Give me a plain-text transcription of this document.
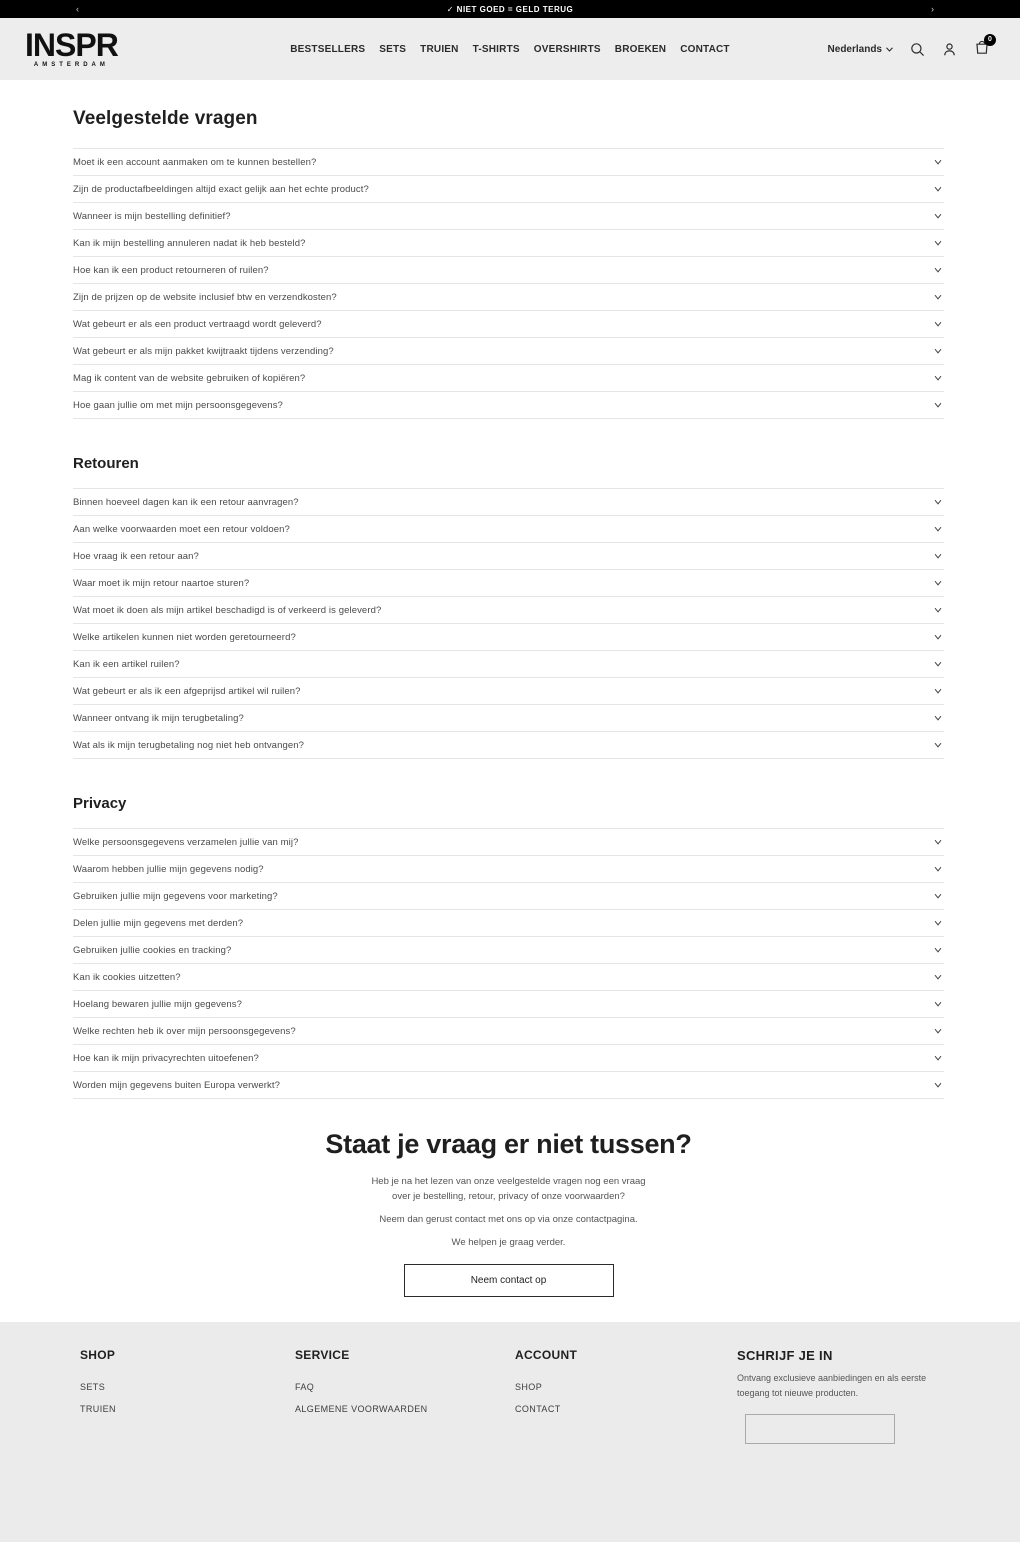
‹	✓ NIET GOED = GELD TERUG	›
INSPR
AMSTERDAM
BESTSELLERS SETS TRUIEN T-SHIRTS OVERSHIRTS BROEKEN CONTACT	Nederlands
0
Veelgestelde vragen
Moet ik een account aanmaken om te kunnen bestellen?
Zijn de productafbeeldingen altijd exact gelijk aan het echte product?
Wanneer is mijn bestelling definitief?
Kan ik mijn bestelling annuleren nadat ik heb besteld?
Hoe kan ik een product retourneren of ruilen?
Zijn de prijzen op de website inclusief btw en verzendkosten?
Wat gebeurt er als een product vertraagd wordt geleverd?
Wat gebeurt er als mijn pakket kwijtraakt tijdens verzending?
Mag ik content van de website gebruiken of kopiëren?
Hoe gaan jullie om met mijn persoonsgegevens?
Retouren
Binnen hoeveel dagen kan ik een retour aanvragen?
Aan welke voorwaarden moet een retour voldoen?
Hoe vraag ik een retour aan?
Waar moet ik mijn retour naartoe sturen?
Wat moet ik doen als mijn artikel beschadigd is of verkeerd is geleverd?
Welke artikelen kunnen niet worden geretourneerd?
Kan ik een artikel ruilen?
Wat gebeurt er als ik een afgeprijsd artikel wil ruilen?
Wanneer ontvang ik mijn terugbetaling?
Wat als ik mijn terugbetaling nog niet heb ontvangen?
Privacy
Welke persoonsgegevens verzamelen jullie van mij?
Waarom hebben jullie mijn gegevens nodig?
Gebruiken jullie mijn gegevens voor marketing?
Delen jullie mijn gegevens met derden?
Gebruiken jullie cookies en tracking?
Kan ik cookies uitzetten?
Hoelang bewaren jullie mijn gegevens?
Welke rechten heb ik over mijn persoonsgegevens?
Hoe kan ik mijn privacyrechten uitoefenen?
Worden mijn gegevens buiten Europa verwerkt?
Staat je vraag er niet tussen?

Heb je na het lezen van onze veelgestelde vragen nog een vraag
over je bestelling, retour, privacy of onze voorwaarden?

Neem dan gerust contact met ons op via onze contactpagina.

We helpen je graag verder.

Neem contact op
SHOP
SETS
TRUIEN
SERVICE
FAQ
ALGEMENE VOORWAARDEN
ACCOUNT
SHOP
CONTACT
SCHRIJF JE IN
Ontvang exclusieve aanbiedingen en als eerste toegang tot nieuwe producten.
